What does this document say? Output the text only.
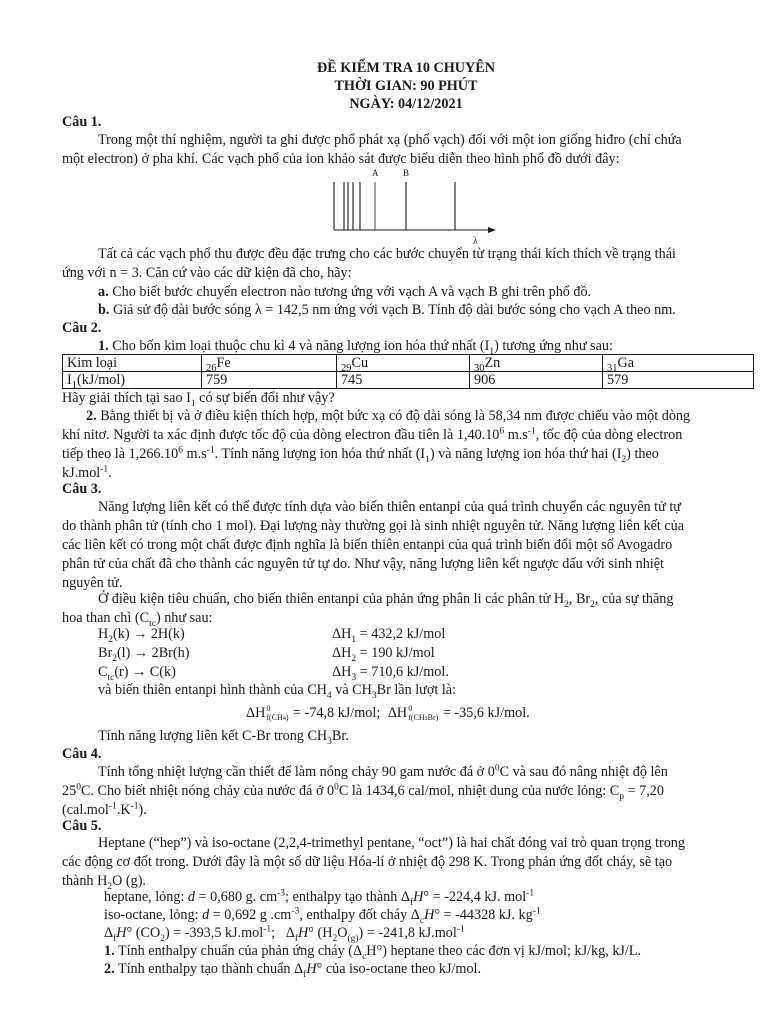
ĐỀ KIỂM TRA 10 CHUYÊN
THỜI GIAN: 90 PHÚT
NGÀY: 04/12/2021
Câu 1.
Trong một thí nghiệm, người ta ghi được phổ phát xạ (phổ vạch) đối với một ion giống hiđro (chỉ chứa
một electron) ở pha khí. Các vạch phổ của ion khảo sát được biểu diễn theo hình phổ đồ dưới đây:
A	B
λ
Tất cả các vạch phổ thu được đều đặc trưng cho các bước chuyển từ trạng thái kích thích về trạng thái
ứng với n = 3. Căn cứ vào các dữ kiện đã cho, hãy:
a. Cho biết bước chuyển electron nào tương ứng với vạch A và vạch B ghi trên phổ đồ.
b. Giả sử độ dài bước sóng λ = 142,5 nm ứng với vạch B. Tính độ dài bước sóng cho vạch A theo nm.
Câu 2.
1. Cho bốn kim loại thuộc chu kì 4 và năng lượng ion hóa thứ nhất $(I_1)$ tương ứng như sau:
Kim loại	$_{26}$Fe	$_{29}$Cu	$_{30}$Zn	$_{31}$Ga
$I_1(kJ/mol)$	759	745	906	579
Hãy giải thích tại sao $I_1$ có sự biến đổi như vậy?
2. Bằng thiết bị và ở điều kiện thích hợp, một bức xạ có độ dài sóng là 58,34 nm được chiếu vào một dòng
khí nitơ. Người ta xác định được tốc độ của dòng electron đầu tiên là 1,40.10$^6$ $m.s^{-1}$, tốc độ của dòng electron
tiếp theo là 1,266.10$^6$ $m.s^{-1}$. Tính năng lượng ion hóa thứ nhất $(I_1)$ và năng lượng ion hóa thứ hai $(I_2)$ theo
kJ.mol$^{-1}$.
Câu 3.
Năng lượng liên kết có thể được tính dựa vào biến thiên entanpi của quá trình chuyển các nguyên tử tự
do thành phân tử (tính cho 1 mol). Đại lượng này thường gọi là sinh nhiệt nguyên tử. Năng lượng liên kết của
các liên kết có trong một chất được định nghĩa là biến thiên entanpi của quá trình biến đổi một số Avogadro
phân tử của chất đã cho thành các nguyên tử tự do. Như vậy, năng lượng liên kết ngược dấu với sinh nhiệt
nguyên tử.
Ở điều kiện tiêu chuẩn, cho biến thiên entanpi của phản ứng phân li các phân tử $H_2$, $Br_2$, của sự thăng
hoa than chì $(C_{tc})$ như sau:
$H_2(k) \to 2H(k)$	$\Delta H_1 = 432,2$ kJ/mol
$Br_2(l) \to 2Br(h)$	$\Delta H_2 = 190$ kJ/mol
$C_{tc}(r) \to C(k)$	$\Delta H_3 = 710,6$ kJ/mol.
và biến thiên entanpi hình thành của $CH_4$ và $CH_3Br$ lần lượt là:
ΔH 0
f(CH4) = -74,8 kJ/mol; ΔH 0
f(CH3Br) = -35,6 kJ/mol.
Tính năng lượng liên kết C-Br trong $CH_3Br$.
Câu 4.
Tính tổng nhiệt lượng cần thiết để làm nóng chảy 90 gam nước đá ở $0^0C$ và sau đó nâng nhiệt độ lên
$25^0C$. Cho biết nhiệt nóng chảy của nước đá ở $0^0C$ là 1434,6 cal/mol, nhiệt dung của nước lỏng: $C_p = 7,20$
$(cal.mol^{-1}.K^{-1})$.
Câu 5.
Heptane (“hep”) và iso-octane (2,2,4-trimethyl pentane, “oct”) là hai chất đóng vai trò quan trọng trong
các động cơ đốt trong. Dưới đây là một số dữ liệu Hóa-lí ở nhiệt độ 298 K. Trong phản ứng đốt cháy, sẽ tạo
thành $H_2O$ (g).
heptane, lỏng: d = 0,680 g. $cm^{-3}$; enthalpy tạo thành $\Delta_fH^\circ = -224,4$ kJ. mol$^{-1}$
iso-octane, lỏng: d = 0,692 g $.cm^{-3}$, enthalpy đốt cháy $\Delta_cH^\circ = -44328$ kJ. $kg^{-1}$
$\Delta_fH^\circ$ $(CO_2) = -393,5$ kJ.mol$^{-1}$;   $\Delta_fH^\circ$ $(H_2O_{(g)}) = -241,8$ kJ.mol$^{-1}$
1. Tính enthalpy chuẩn của phản ứng cháy $(\Delta_cH^\circ)$ heptane theo các đơn vị kJ/mol; kJ/kg, kJ/L.
2. Tính enthalpy tạo thành chuẩn $\Delta_fH^\circ$ của iso-octane theo kJ/mol.
